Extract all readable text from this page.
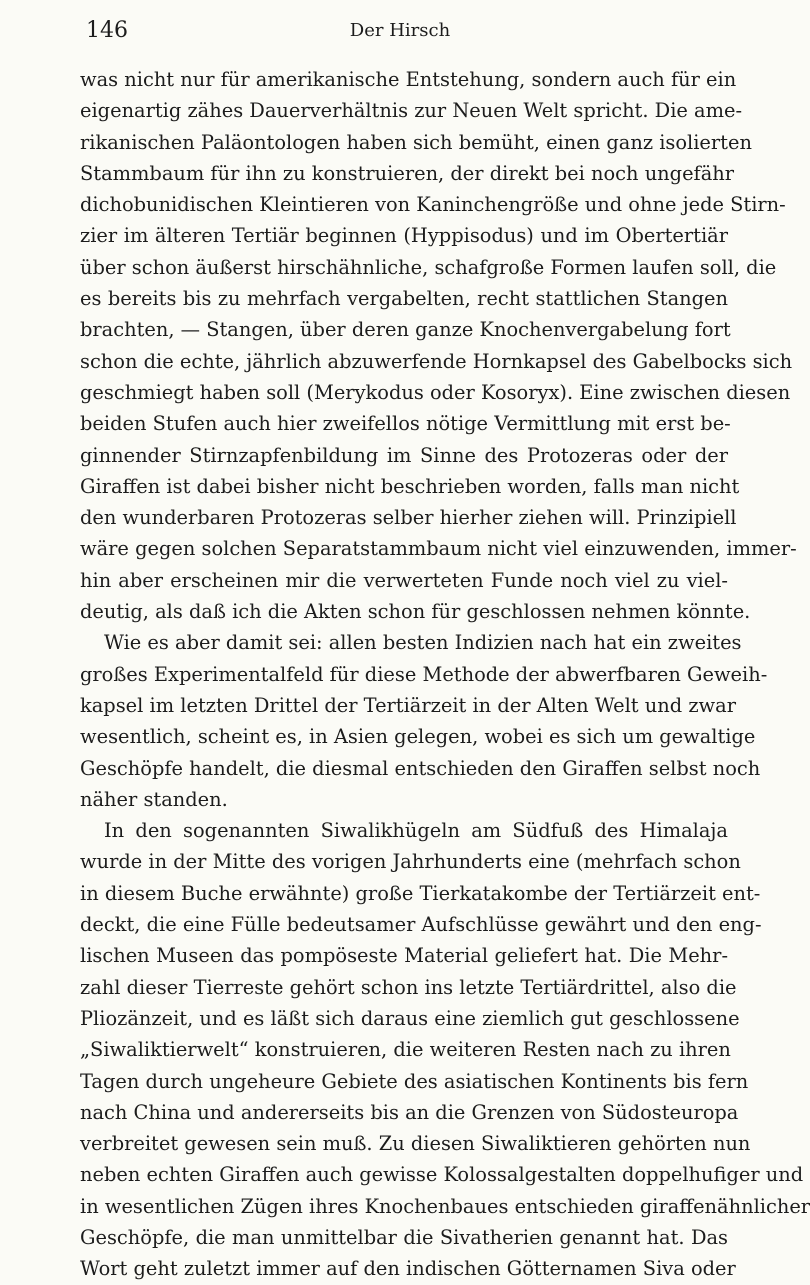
146	Der Hirsch
was nicht nur für amerikanische Entstehung, sondern auch für ein
eigenartig zähes Dauerverhältnis zur Neuen Welt spricht. Die ame-
rikanischen Paläontologen haben sich bemüht, einen ganz isolierten
Stammbaum für ihn zu konstruieren, der direkt bei noch ungefähr
dichobunidischen Kleintieren von Kaninchengröße und ohne jede Stirn-
zier im älteren Tertiär beginnen (Hyppisodus) und im Obertertiär
über schon äußerst hirschähnliche, schafgroße Formen laufen soll, die
es bereits bis zu mehrfach vergabelten, recht stattlichen Stangen
brachten, — Stangen, über deren ganze Knochenvergabelung fort
schon die echte, jährlich abzuwerfende Hornkapsel des Gabelbocks sich
geschmiegt haben soll (Merykodus oder Kosoryx). Eine zwischen diesen
beiden Stufen auch hier zweifellos nötige Vermittlung mit erst be-
ginnender Stirnzapfenbildung im Sinne des Protozeras oder der
Giraffen ist dabei bisher nicht beschrieben worden, falls man nicht
den wunderbaren Protozeras selber hierher ziehen will. Prinzipiell
wäre gegen solchen Separatstammbaum nicht viel einzuwenden, immer-
hin aber erscheinen mir die verwerteten Funde noch viel zu viel-
deutig, als daß ich die Akten schon für geschlossen nehmen könnte.
Wie es aber damit sei: allen besten Indizien nach hat ein zweites
großes Experimentalfeld für diese Methode der abwerfbaren Geweih-
kapsel im letzten Drittel der Tertiärzeit in der Alten Welt und zwar
wesentlich, scheint es, in Asien gelegen, wobei es sich um gewaltige
Geschöpfe handelt, die diesmal entschieden den Giraffen selbst noch
näher standen.
In den sogenannten Siwalikhügeln am Südfuß des Himalaja
wurde in der Mitte des vorigen Jahrhunderts eine (mehrfach schon
in diesem Buche erwähnte) große Tierkatakombe der Tertiärzeit ent-
deckt, die eine Fülle bedeutsamer Aufschlüsse gewährt und den eng-
lischen Museen das pompöseste Material geliefert hat. Die Mehr-
zahl dieser Tierreste gehört schon ins letzte Tertiärdrittel, also die
Pliozänzeit, und es läßt sich daraus eine ziemlich gut geschlossene
„Siwaliktierwelt“ konstruieren, die weiteren Resten nach zu ihren
Tagen durch ungeheure Gebiete des asiatischen Kontinents bis fern
nach China und andererseits bis an die Grenzen von Südosteuropa
verbreitet gewesen sein muß. Zu diesen Siwaliktieren gehörten nun
neben echten Giraffen auch gewisse Kolossalgestalten doppelhufiger und
in wesentlichen Zügen ihres Knochenbaues entschieden giraffenähnlicher
Geschöpfe, die man unmittelbar die Sivatherien genannt hat. Das
Wort geht zuletzt immer auf den indischen Götternamen Siva oder
